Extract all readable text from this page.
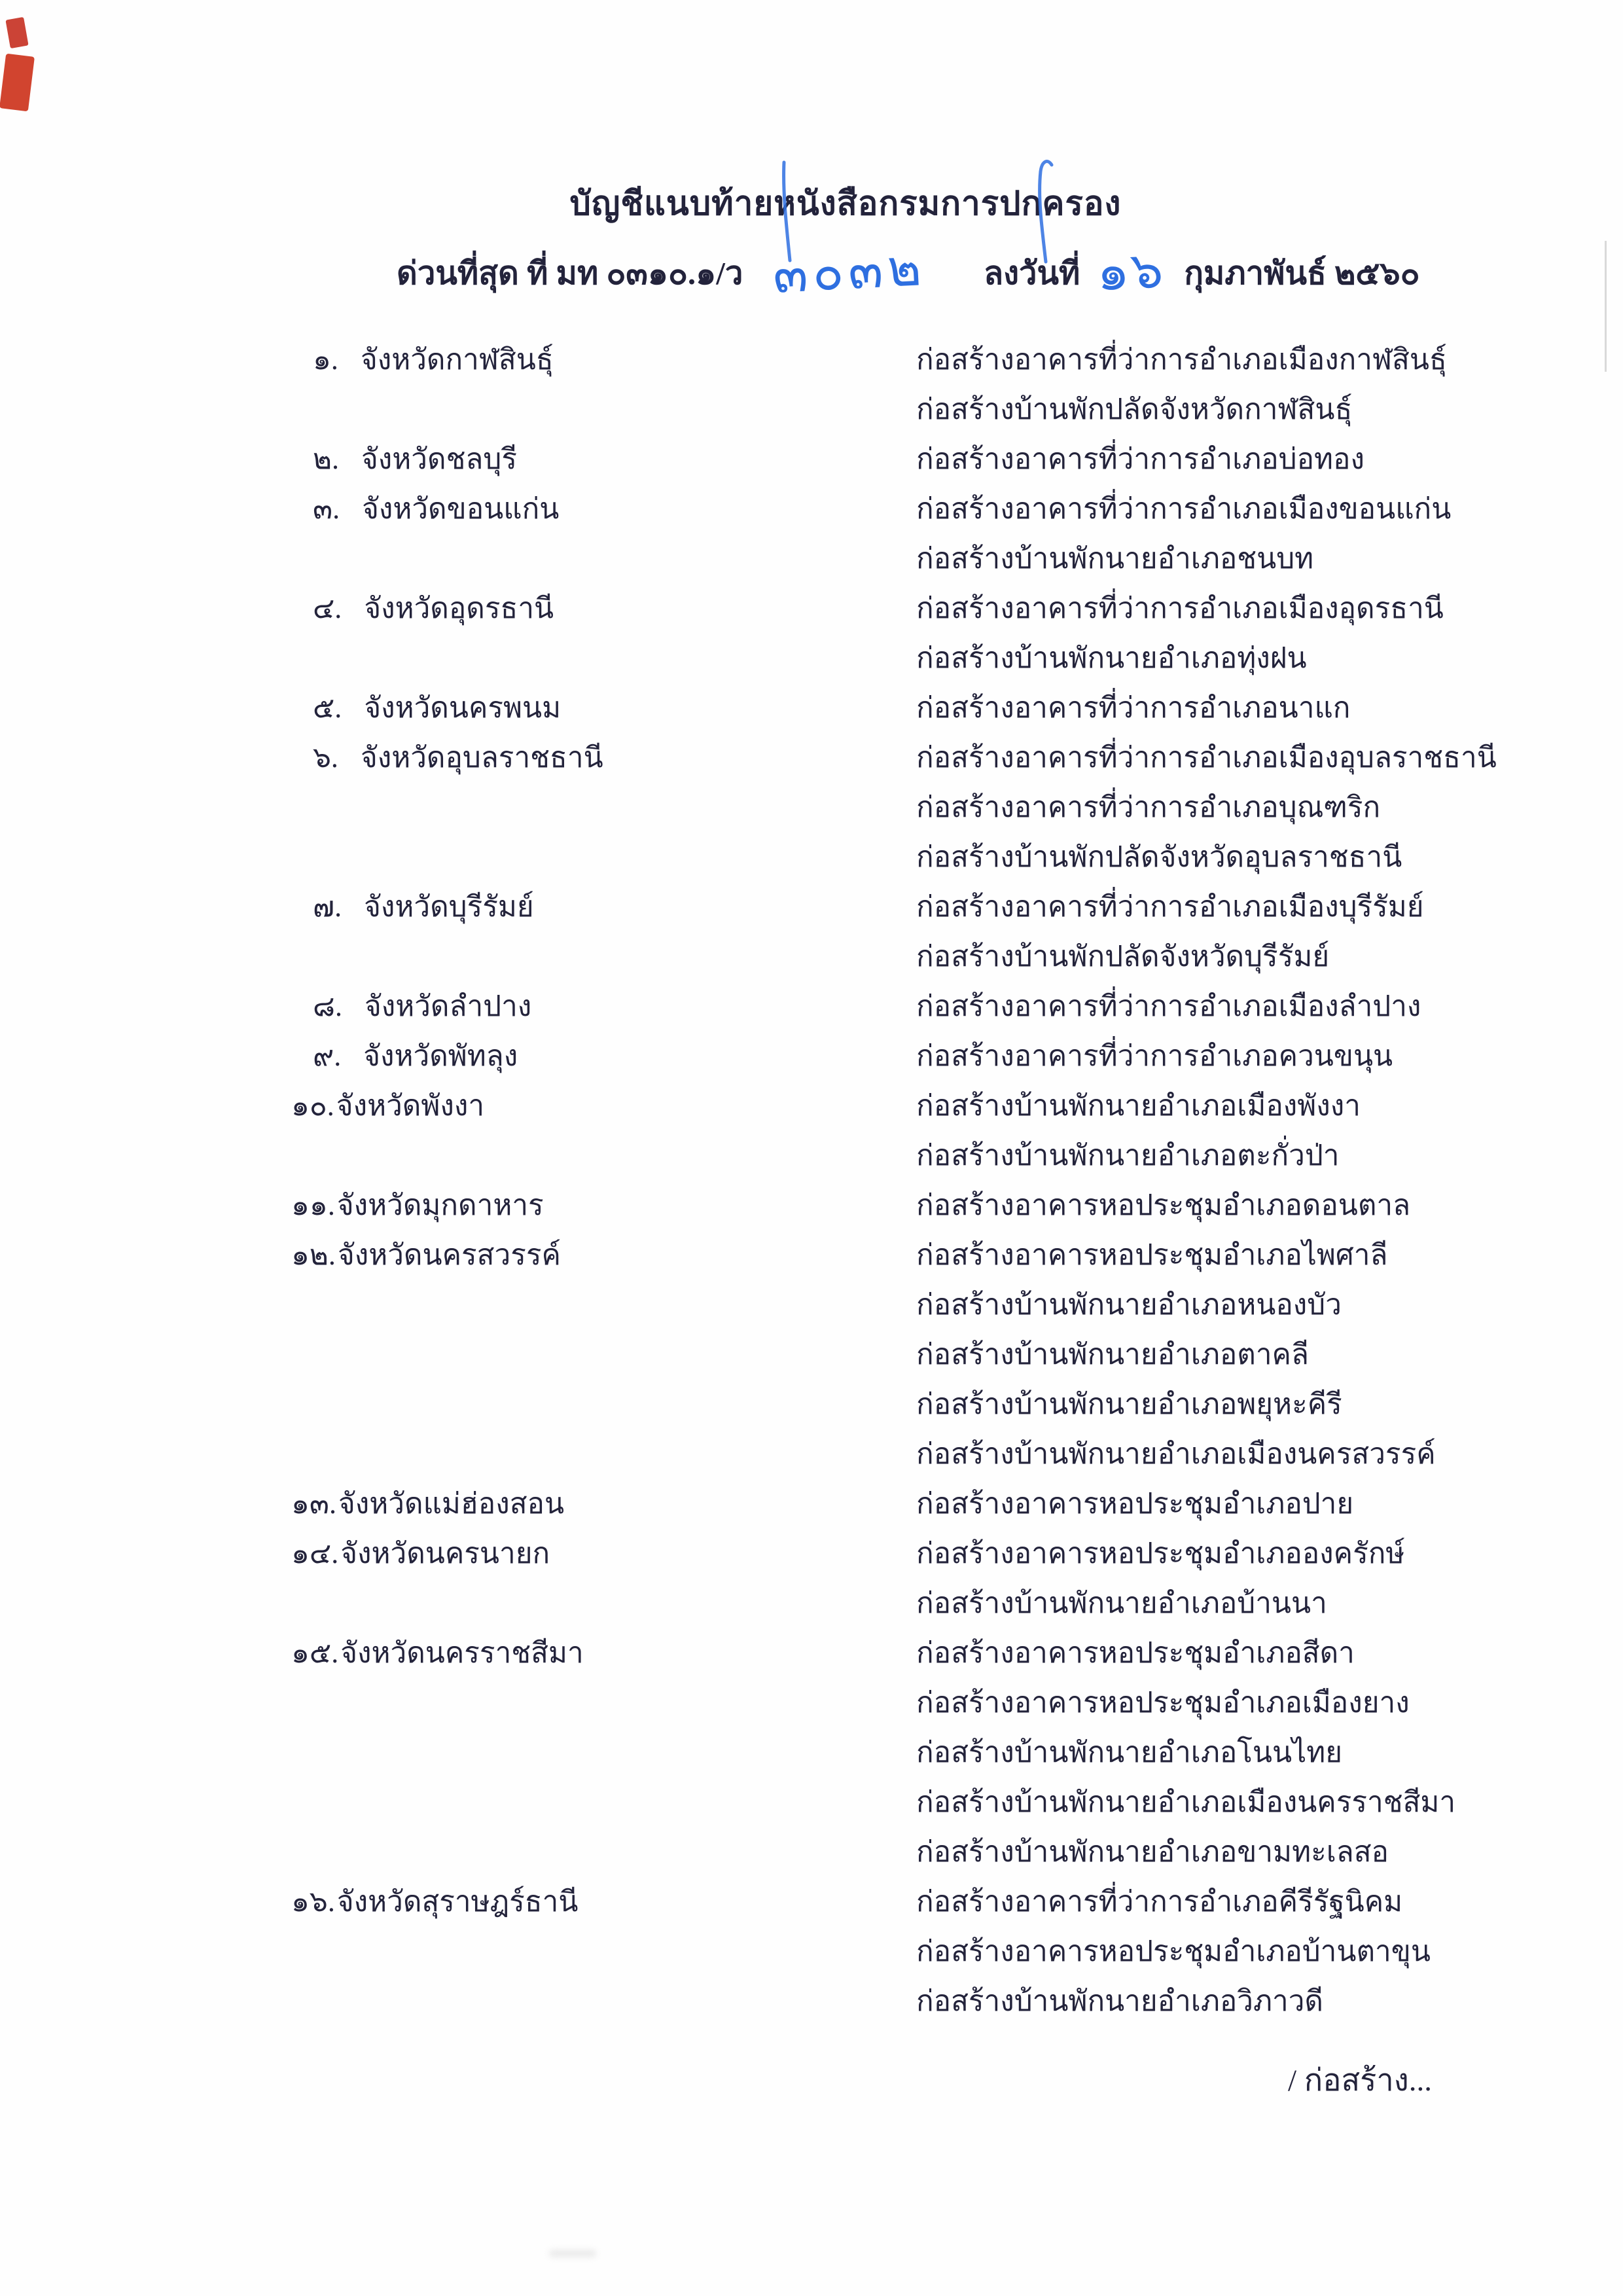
บัญชีแนบท้ายหนังสือกรมการปกครอง
ด่วนที่สุด ที่ มท ๐๓๑๐.๑/ว ๓๐๓๒ ลงวันที่ ๑๖ กุมภาพันธ์ ๒๕๖๐
๑. จังหวัดกาฬสินธุ์	ก่อสร้างอาคารที่ว่าการอำเภอเมืองกาฬสินธุ์
ก่อสร้างบ้านพักปลัดจังหวัดกาฬสินธุ์
๒. จังหวัดชลบุรี	ก่อสร้างอาคารที่ว่าการอำเภอบ่อทอง
๓. จังหวัดขอนแก่น	ก่อสร้างอาคารที่ว่าการอำเภอเมืองขอนแก่น
ก่อสร้างบ้านพักนายอำเภอชนบท
๔. จังหวัดอุดรธานี	ก่อสร้างอาคารที่ว่าการอำเภอเมืองอุดรธานี
ก่อสร้างบ้านพักนายอำเภอทุ่งฝน
๕. จังหวัดนครพนม	ก่อสร้างอาคารที่ว่าการอำเภอนาแก
๖. จังหวัดอุบลราชธานี	ก่อสร้างอาคารที่ว่าการอำเภอเมืองอุบลราชธานี
ก่อสร้างอาคารที่ว่าการอำเภอบุณฑริก
ก่อสร้างบ้านพักปลัดจังหวัดอุบลราชธานี
๗. จังหวัดบุรีรัมย์	ก่อสร้างอาคารที่ว่าการอำเภอเมืองบุรีรัมย์
ก่อสร้างบ้านพักปลัดจังหวัดบุรีรัมย์
๘. จังหวัดลำปาง	ก่อสร้างอาคารที่ว่าการอำเภอเมืองลำปาง
๙. จังหวัดพัทลุง	ก่อสร้างอาคารที่ว่าการอำเภอควนขนุน
๑๐. จังหวัดพังงา	ก่อสร้างบ้านพักนายอำเภอเมืองพังงา
ก่อสร้างบ้านพักนายอำเภอตะกั่วป่า
๑๑. จังหวัดมุกดาหาร	ก่อสร้างอาคารหอประชุมอำเภอดอนตาล
๑๒. จังหวัดนครสวรรค์	ก่อสร้างอาคารหอประชุมอำเภอไพศาลี
ก่อสร้างบ้านพักนายอำเภอหนองบัว
ก่อสร้างบ้านพักนายอำเภอตาคลี
ก่อสร้างบ้านพักนายอำเภอพยุหะคีรี
ก่อสร้างบ้านพักนายอำเภอเมืองนครสวรรค์
๑๓. จังหวัดแม่ฮ่องสอน	ก่อสร้างอาคารหอประชุมอำเภอปาย
๑๔. จังหวัดนครนายก	ก่อสร้างอาคารหอประชุมอำเภอองครักษ์
ก่อสร้างบ้านพักนายอำเภอบ้านนา
๑๕. จังหวัดนครราชสีมา	ก่อสร้างอาคารหอประชุมอำเภอสีดา
ก่อสร้างอาคารหอประชุมอำเภอเมืองยาง
ก่อสร้างบ้านพักนายอำเภอโนนไทย
ก่อสร้างบ้านพักนายอำเภอเมืองนครราชสีมา
ก่อสร้างบ้านพักนายอำเภอขามทะเลสอ
๑๖. จังหวัดสุราษฎร์ธานี	ก่อสร้างอาคารที่ว่าการอำเภอคีรีรัฐนิคม
ก่อสร้างอาคารหอประชุมอำเภอบ้านตาขุน
ก่อสร้างบ้านพักนายอำเภอวิภาวดี
/ ก่อสร้าง...
